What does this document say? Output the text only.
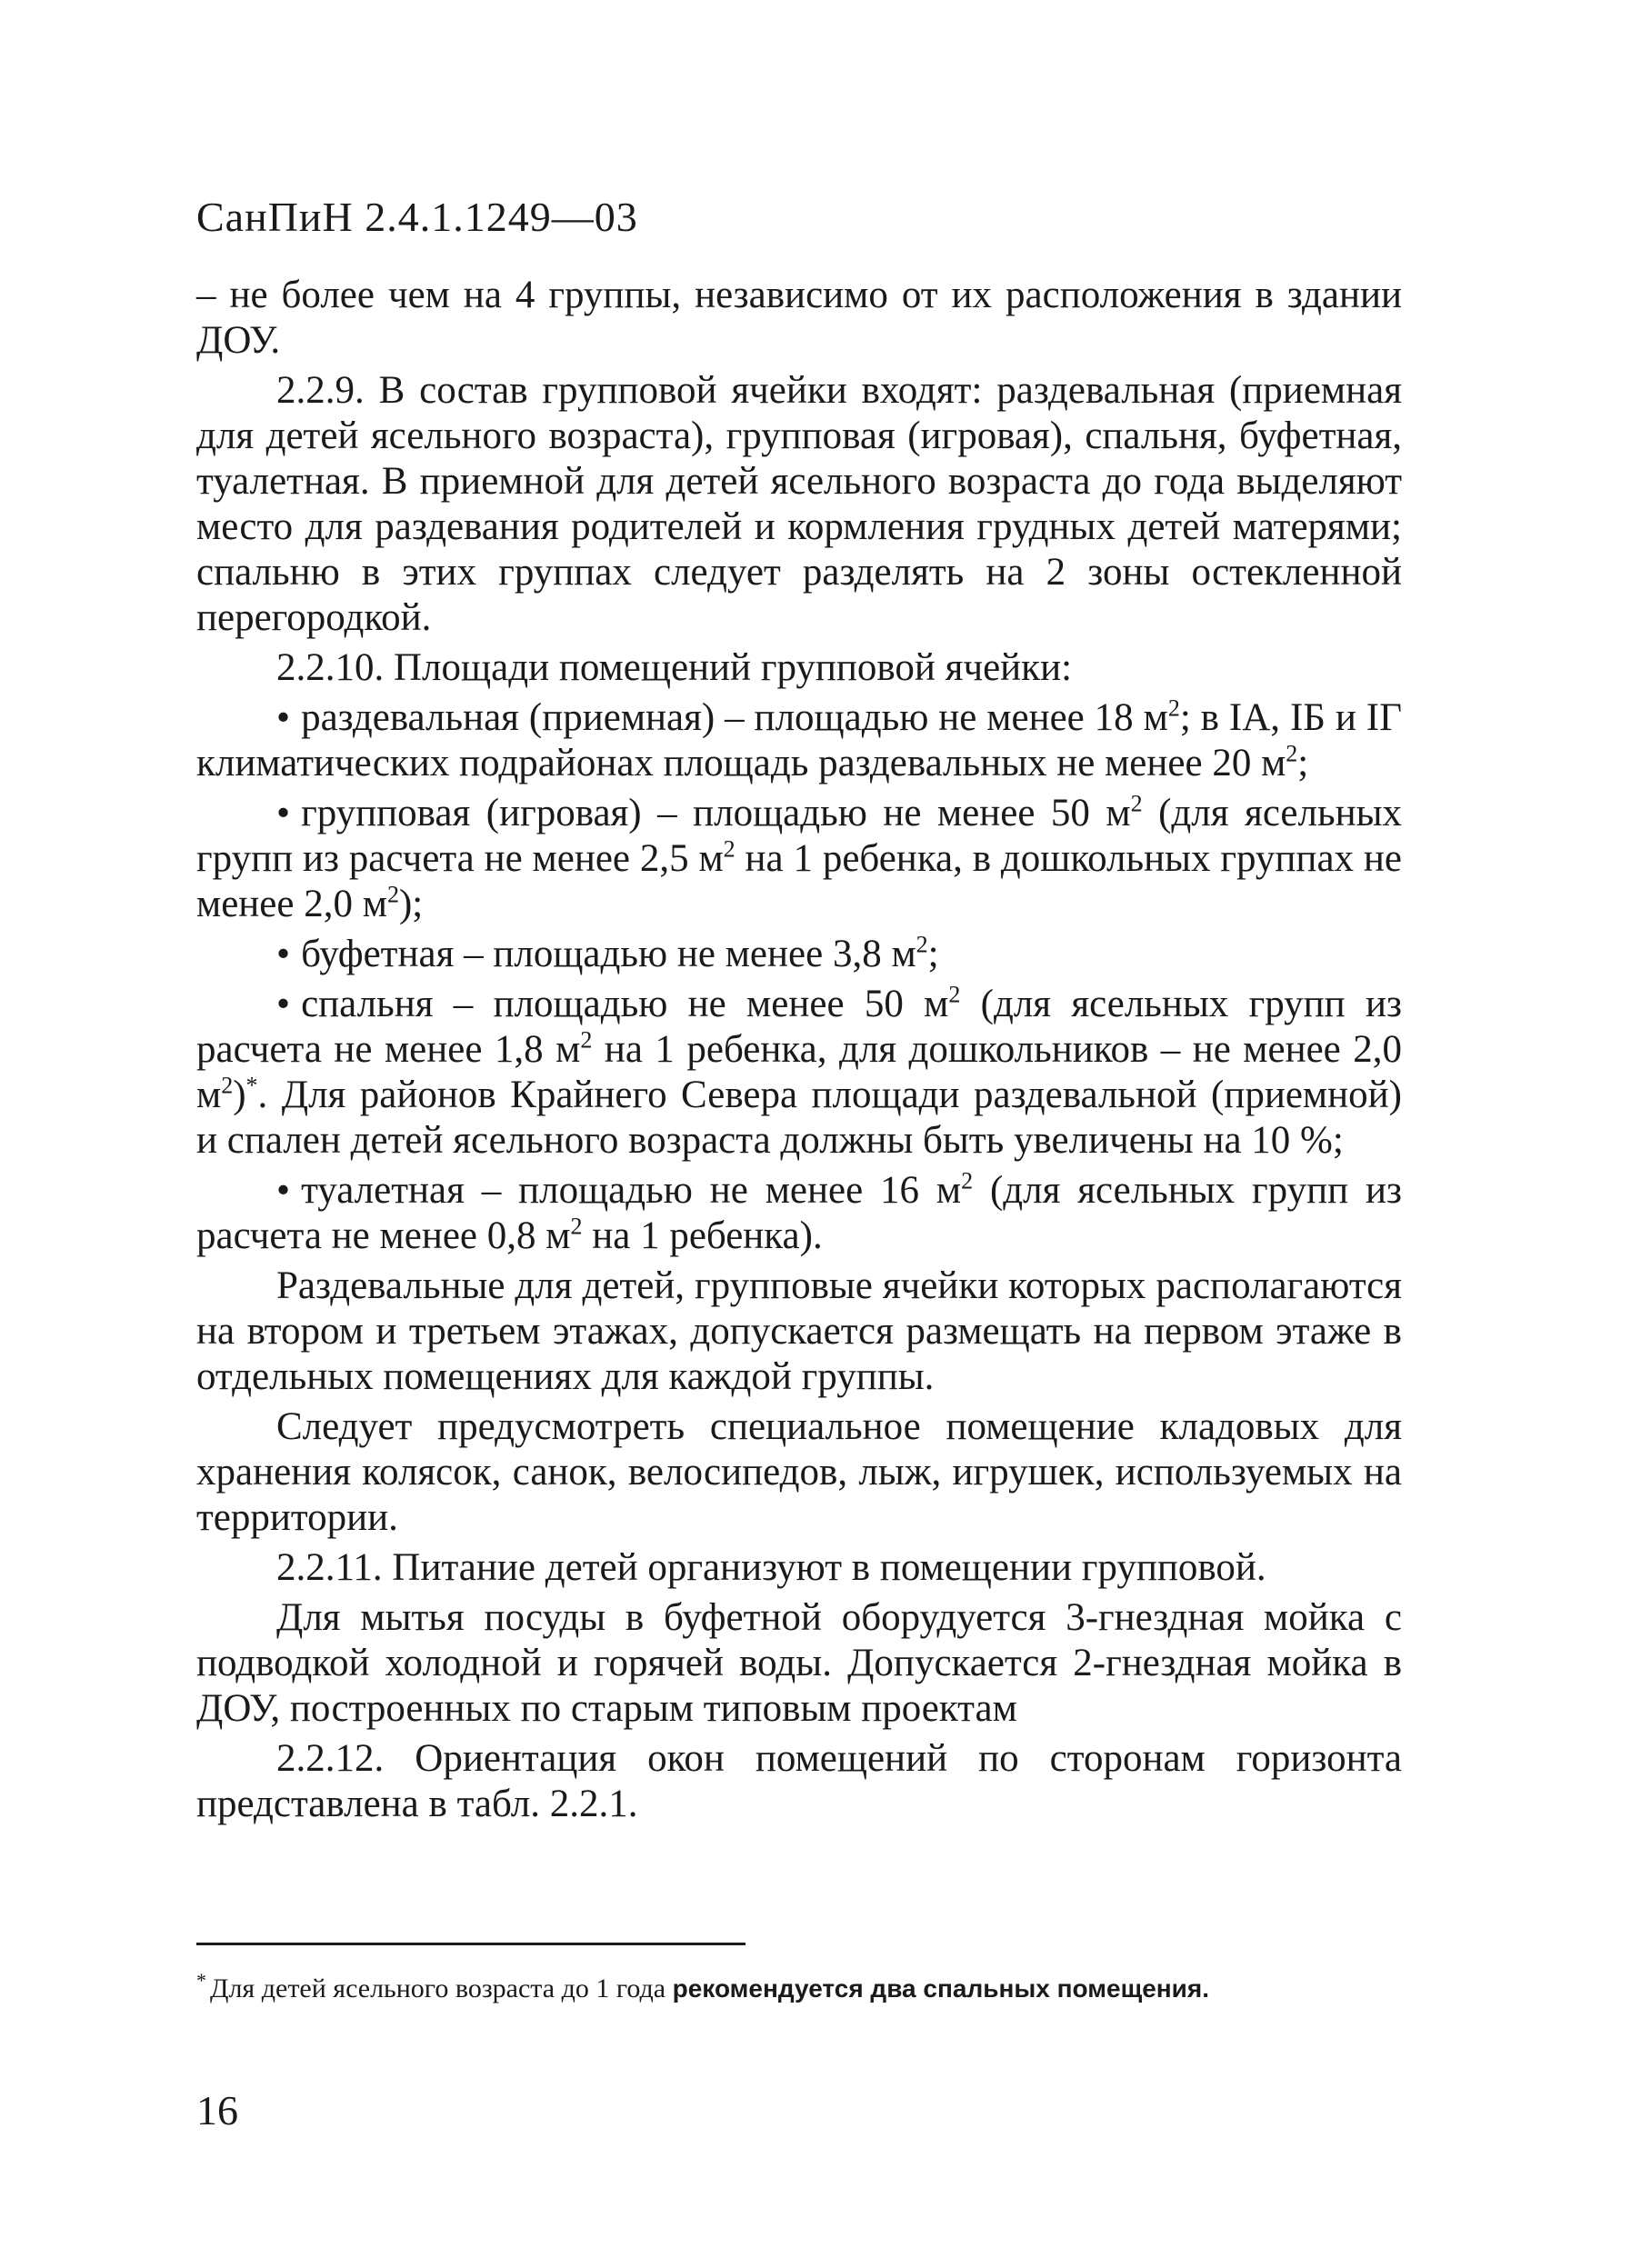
СанПиН 2.4.1.1249—03

– не более чем на 4 группы, независимо от их расположения в здании ДОУ.

2.2.9. В состав групповой ячейки входят: раздевальная (приемная для детей ясельного возраста), групповая (игровая), спальня, буфетная, туалетная. В приемной для детей ясельного возраста до года выделяют место для раздевания родителей и кормления грудных детей матерями; спальню в этих группах следует разделять на 2 зоны остекленной перегородкой.

2.2.10. Площади помещений групповой ячейки:

• раздевальная (приемная) – площадью не менее 18 $м^2$; в IA, IБ и IГ климатических подрайонах площадь раздевальных не менее 20 $м^2$;

• групповая (игровая) – площадью не менее 50 $м^2$ (для ясельных групп из расчета не менее 2,5 $м^2$ на 1 ребенка, в дошкольных группах не менее 2,0 $м^2$);

• буфетная – площадью не менее 3,8 $м^2$;

• спальня – площадью не менее 50 $м^2$ (для ясельных групп из расчета не менее 1,8 $м^2$ на 1 ребенка, для дошкольников – не менее 2,0 $м^2)^*$. Для районов Крайнего Севера площади раздевальной (приемной) и спален детей ясельного возраста должны быть увеличены на 10 %;

• туалетная – площадью не менее 16 $м^2$ (для ясельных групп из расчета не менее 0,8 $м^2$ на 1 ребенка).

Раздевальные для детей, групповые ячейки которых располагаются на втором и третьем этажах, допускается размещать на первом этаже в отдельных помещениях для каждой группы.

Следует предусмотреть специальное помещение кладовых для хранения колясок, санок, велосипедов, лыж, игрушек, используемых на территории.

2.2.11. Питание детей организуют в помещении групповой.

Для мытья посуды в буфетной оборудуется 3-гнездная мойка с подводкой холодной и горячей воды. Допускается 2-гнездная мойка в ДОУ, построенных по старым типовым проектам

2.2.12. Ориентация окон помещений по сторонам горизонта представлена в табл. 2.2.1.

* Для детей ясельного возраста до 1 года рекомендуется два спальных помещения.
16
